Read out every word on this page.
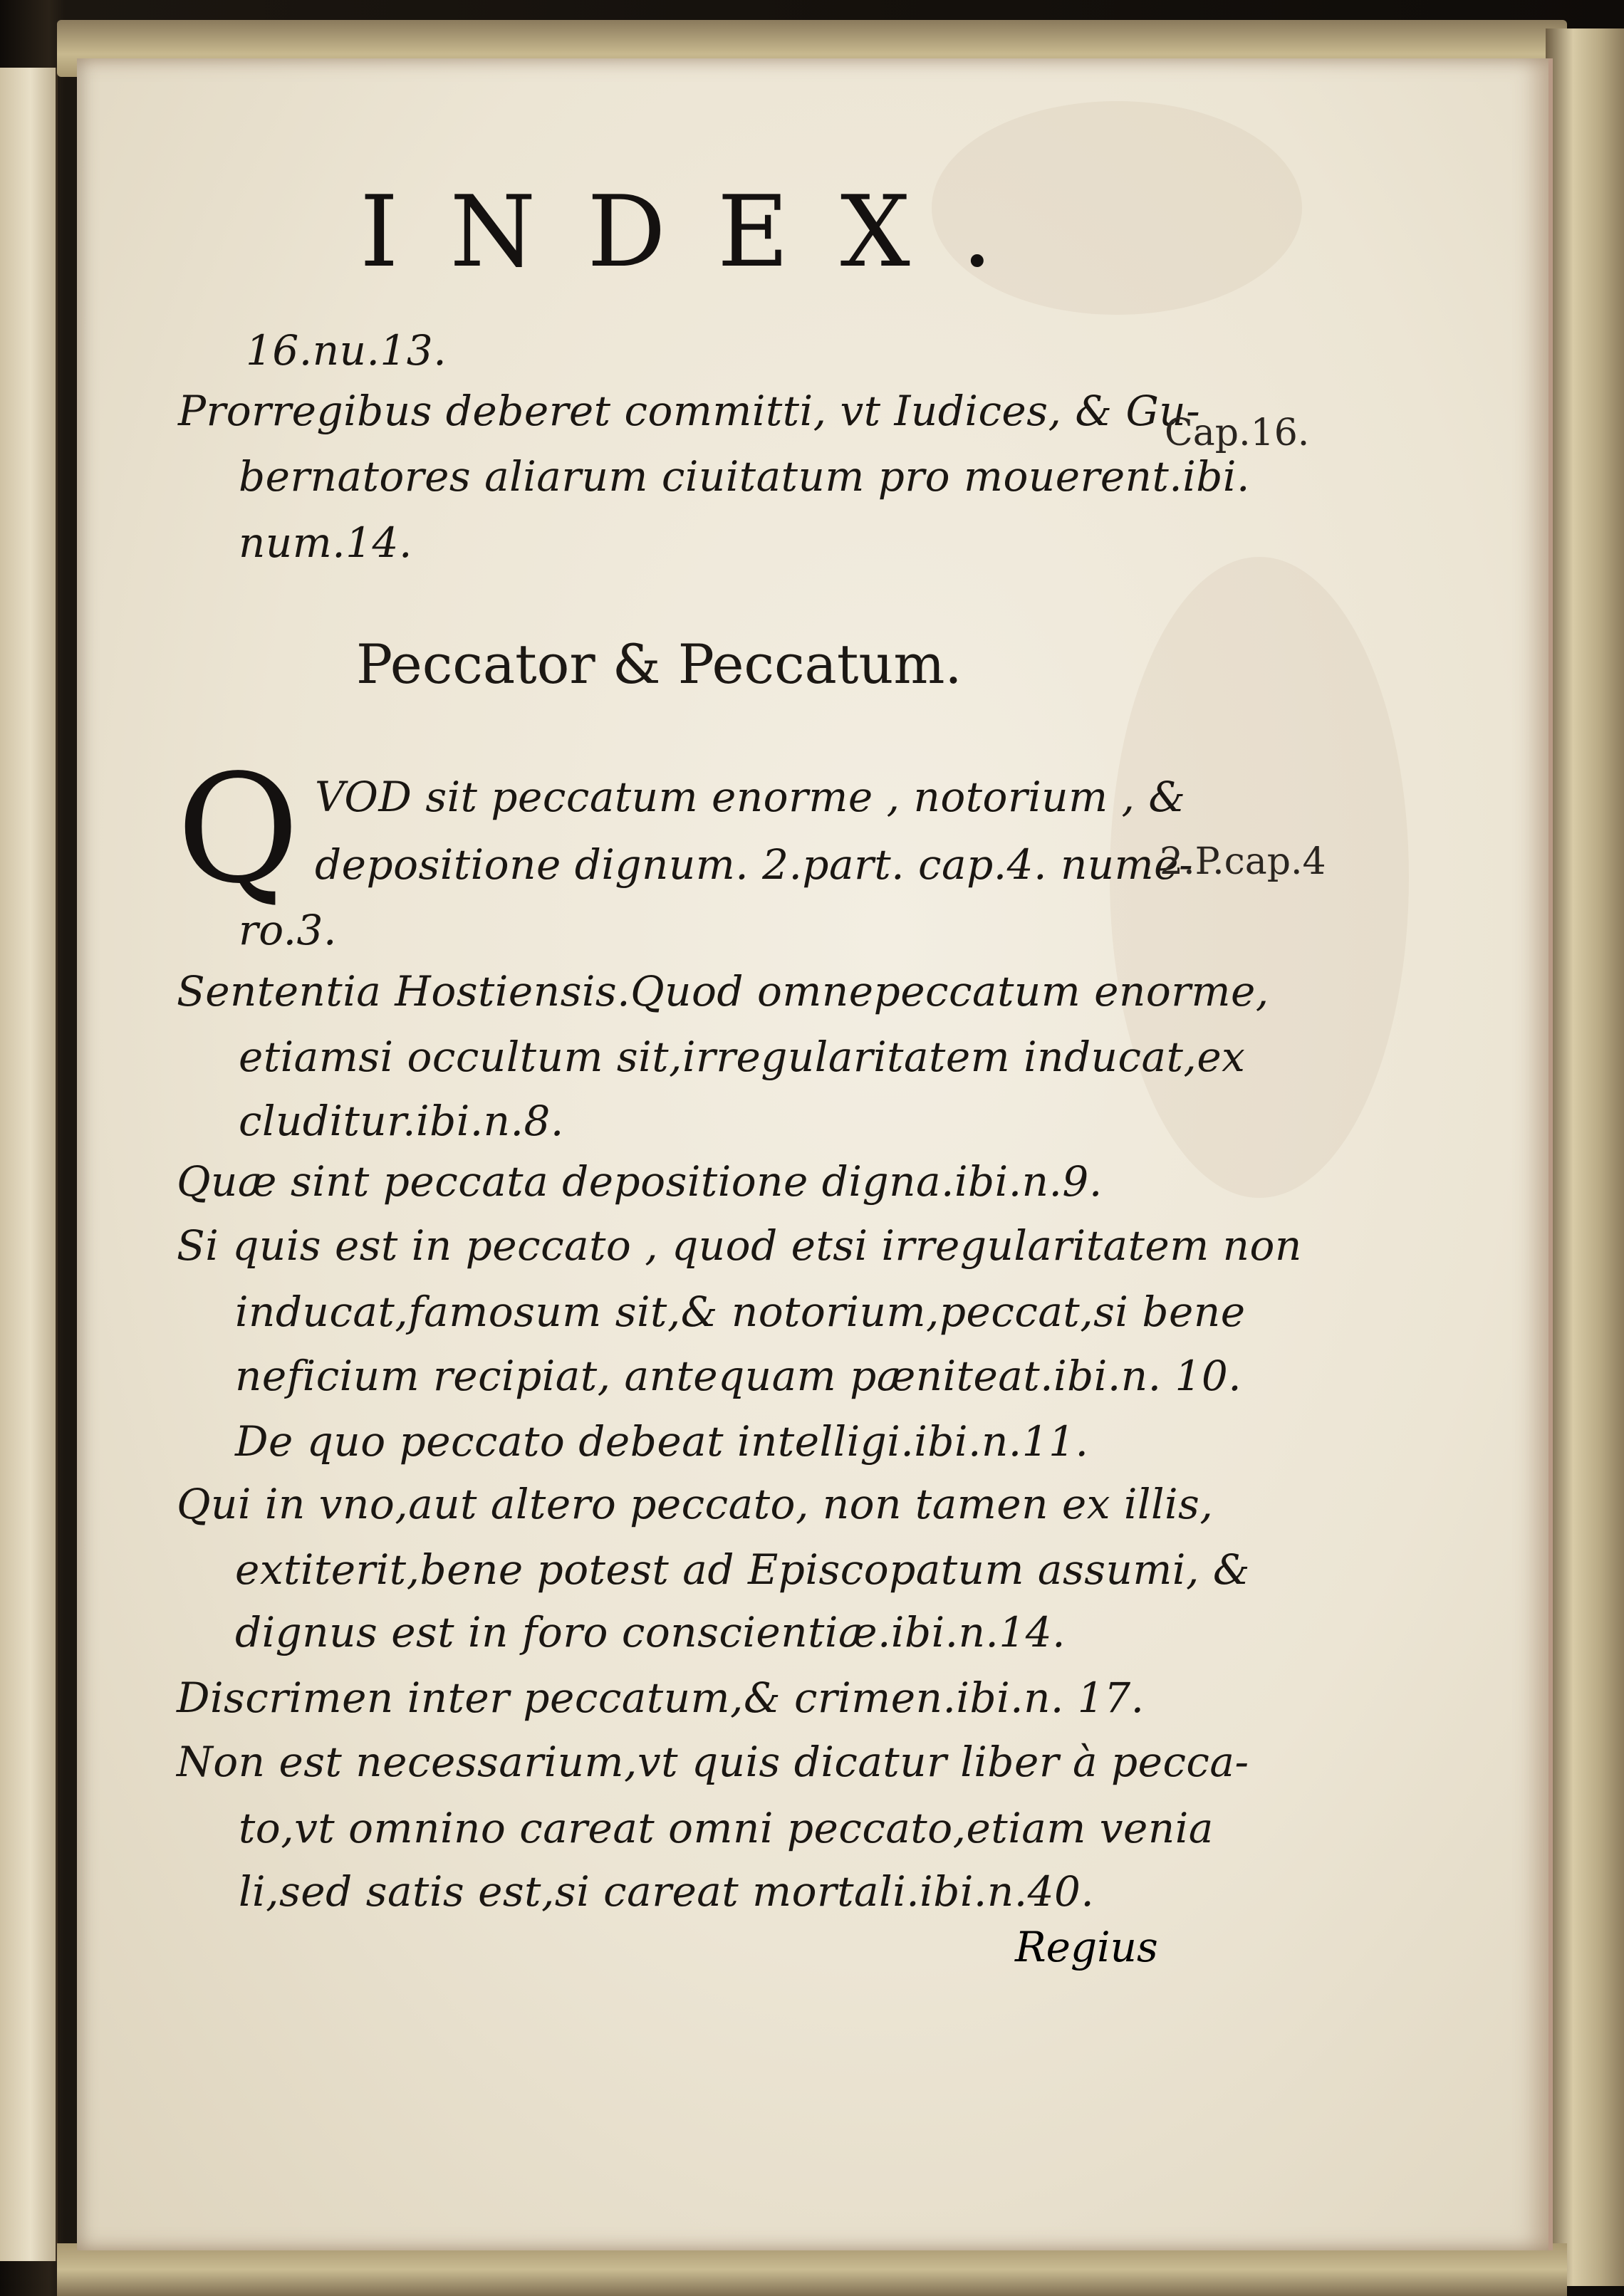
INDEX.
16.nu.13.
Prorregibus deberet committi, vt Iudices, & Gu-
bernatores aliarum ciuitatum pro mouerent.ibi.
num.14.
Cap.16.
Peccator & Peccatum.
Q VOD sit peccatum enorme , notorium , &
depositione dignum. 2.part. cap.4. nume-
ro.3.
2.P.cap.4
Sententia Hostiensis.Quod omnepeccatum enorme,
etiamsi occultum sit,irregularitatem inducat,ex
cluditur.ibi.n.8.
Quæ sint peccata depositione digna.ibi.n.9.
Si quis est in peccato , quod etsi irregularitatem non
inducat,famosum sit,& notorium,peccat,si bene
neficium recipiat, antequam pæniteat.ibi.n. 10.
De quo peccato debeat intelligi.ibi.n.11.
Qui in vno,aut altero peccato, non tamen ex illis,
extiterit,bene potest ad Episcopatum assumi, &
dignus est in foro conscientiæ.ibi.n.14.
Discrimen inter peccatum,& crimen.ibi.n. 17.
Non est necessarium,vt quis dicatur liber à pecca-
to,vt omnino careat omni peccato,etiam venia
li,sed satis est,si careat mortali.ibi.n.40.
Regius
